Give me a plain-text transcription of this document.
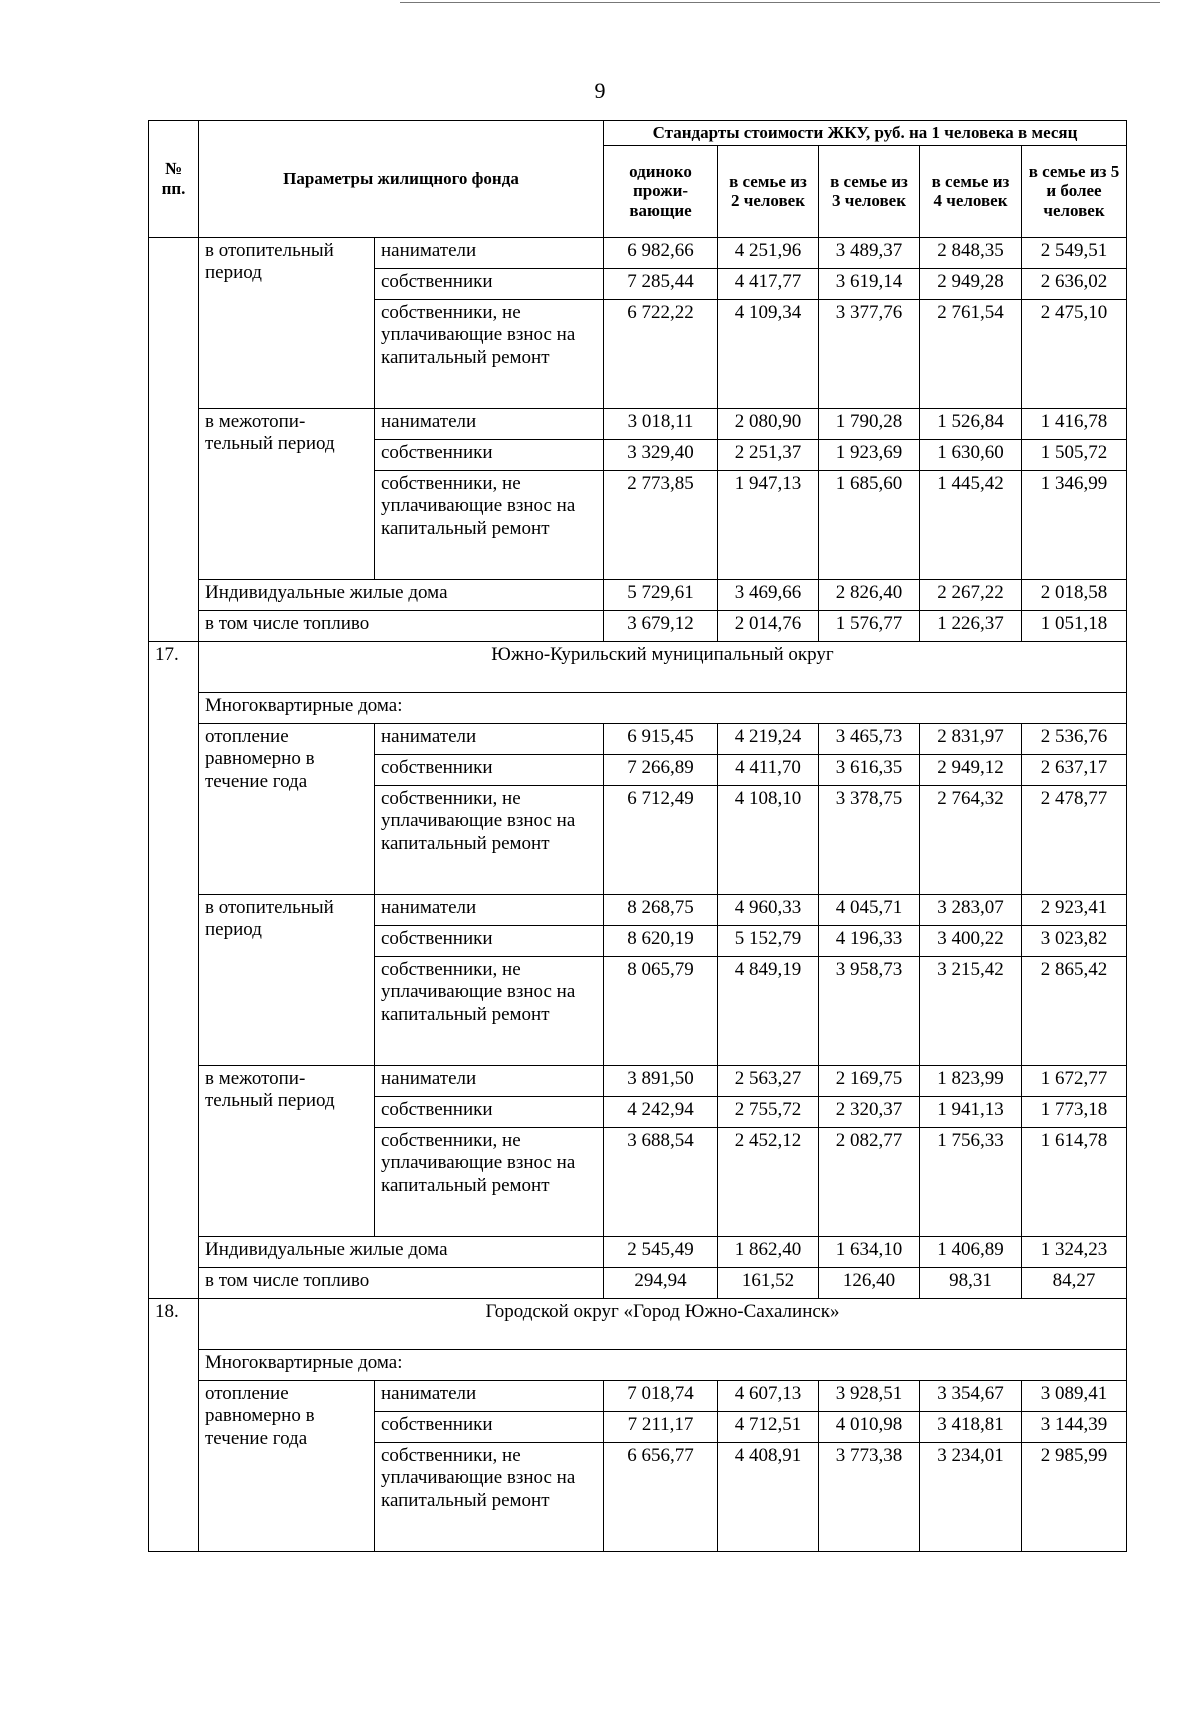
9
№ пп.	Параметры жилищного фонда		Стандарты стоимости ЖКУ, руб. на 1 человека в месяц				
			одиноко прожи-вающие	в семье из 2 человек	в семье из 3 человек	в семье из 4 человек	в семье из 5 и более человек
	в отопительный период	наниматели	6 982,66	4 251,96	3 489,37	2 848,35	2 549,51
		собственники	7 285,44	4 417,77	3 619,14	2 949,28	2 636,02
		собственники, не уплачивающие взнос на капитальный ремонт	6 722,22	4 109,34	3 377,76	2 761,54	2 475,10
	в межотопи-тельный период	наниматели	3 018,11	2 080,90	1 790,28	1 526,84	1 416,78
		собственники	3 329,40	2 251,37	1 923,69	1 630,60	1 505,72
		собственники, не уплачивающие взнос на капитальный ремонт	2 773,85	1 947,13	1 685,60	1 445,42	1 346,99
	Индивидуальные жилые дома		5 729,61	3 469,66	2 826,40	2 267,22	2 018,58
	в том числе топливо		3 679,12	2 014,76	1 576,77	1 226,37	1 051,18
17.	Южно-Курильский муниципальный округ						
	Многоквартирные дома:						
	отопление равномерно в течение года	наниматели	6 915,45	4 219,24	3 465,73	2 831,97	2 536,76
		собственники	7 266,89	4 411,70	3 616,35	2 949,12	2 637,17
		собственники, не уплачивающие взнос на капитальный ремонт	6 712,49	4 108,10	3 378,75	2 764,32	2 478,77
	в отопительный период	наниматели	8 268,75	4 960,33	4 045,71	3 283,07	2 923,41
		собственники	8 620,19	5 152,79	4 196,33	3 400,22	3 023,82
		собственники, не уплачивающие взнос на капитальный ремонт	8 065,79	4 849,19	3 958,73	3 215,42	2 865,42
	в межотопи-тельный период	наниматели	3 891,50	2 563,27	2 169,75	1 823,99	1 672,77
		собственники	4 242,94	2 755,72	2 320,37	1 941,13	1 773,18
		собственники, не уплачивающие взнос на капитальный ремонт	3 688,54	2 452,12	2 082,77	1 756,33	1 614,78
	Индивидуальные жилые дома		2 545,49	1 862,40	1 634,10	1 406,89	1 324,23
	в том числе топливо		294,94	161,52	126,40	98,31	84,27
18.	Городской округ «Город Южно-Сахалинск»						
	Многоквартирные дома:						
	отопление равномерно в течение года	наниматели	7 018,74	4 607,13	3 928,51	3 354,67	3 089,41
		собственники	7 211,17	4 712,51	4 010,98	3 418,81	3 144,39
		собственники, не уплачивающие взнос на капитальный ремонт	6 656,77	4 408,91	3 773,38	3 234,01	2 985,99
